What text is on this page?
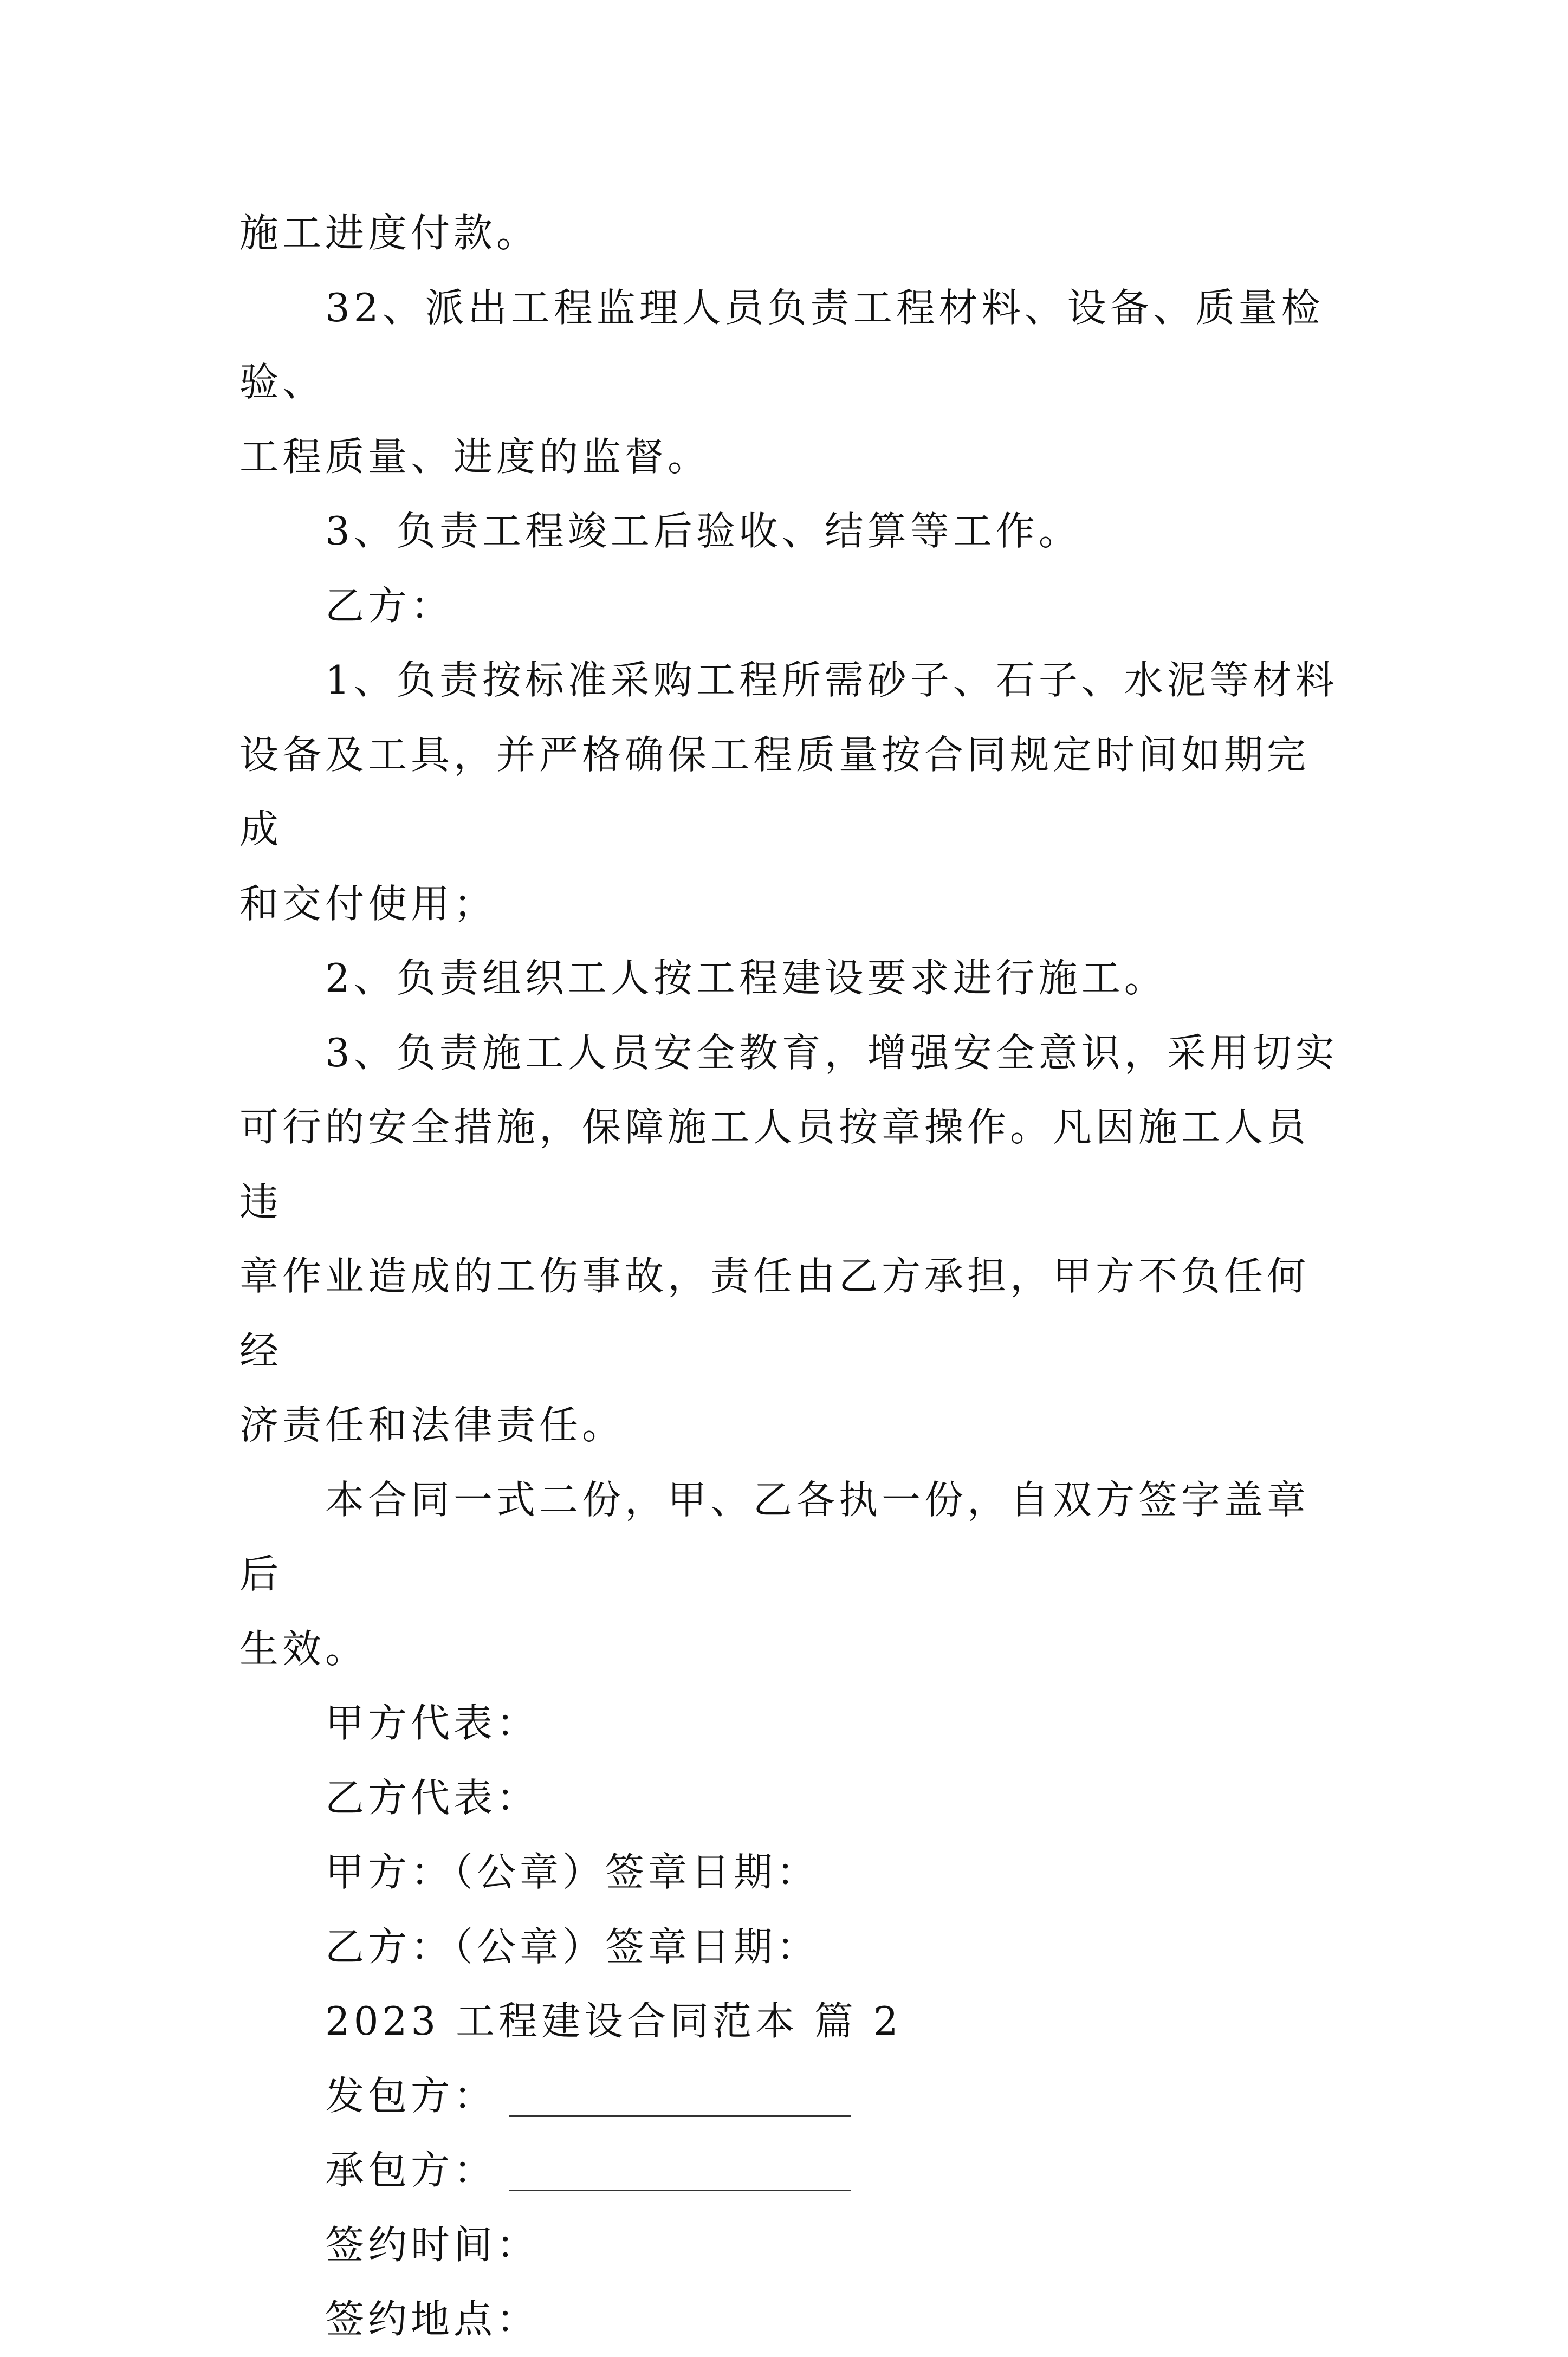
施工进度付款。

32、派出工程监理人员负责工程材料、设备、质量检验、

工程质量、进度的监督。

3、负责工程竣工后验收、结算等工作。

乙方：

1、负责按标准采购工程所需砂子、石子、水泥等材料
设备及工具，并严格确保工程质量按合同规定时间如期完成
和交付使用；

2、负责组织工人按工程建设要求进行施工。

3、负责施工人员安全教育，增强安全意识，采用切实
可行的安全措施，保障施工人员按章操作。凡因施工人员违
章作业造成的工伤事故，责任由乙方承担，甲方不负任何经
济责任和法律责任。

本合同一式二份，甲、乙各执一份，自双方签字盖章后
生效。

甲方代表：

乙方代表：

甲方：（公章）签章日期：

乙方：（公章）签章日期：

2023 工程建设合同范本 篇 2

发包方：
承包方：
签约时间：
签约地点：
